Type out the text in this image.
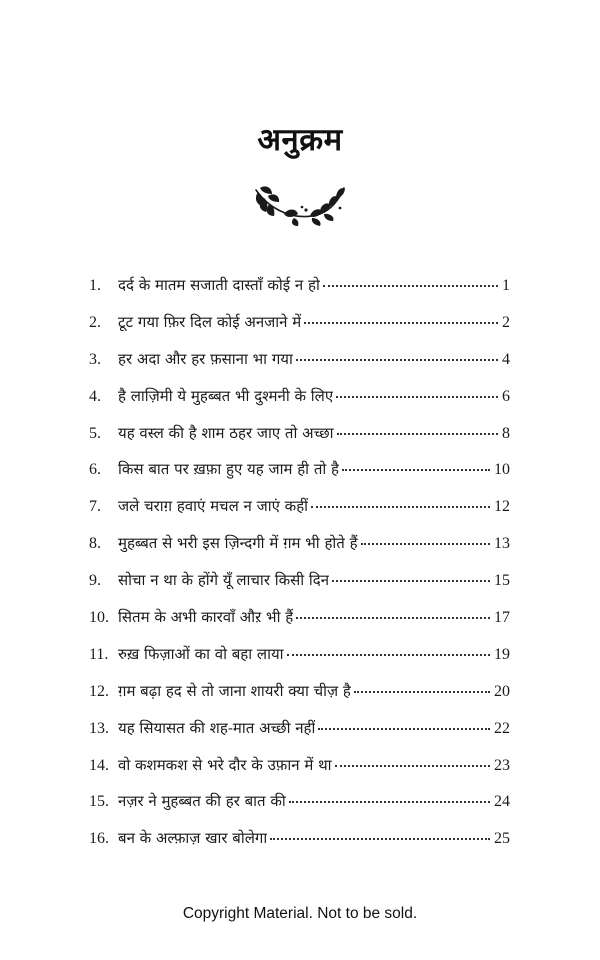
अनुक्रम
1.	दर्द के मातम सजाती दास्ताँ कोई न हो	1
2.	टूट गया फ़िर दिल कोई अनजाने में	2
3.	हर अदा और हर फ़साना भा गया	4
4.	है लाज़िमी ये मुहब्बत भी दुश्मनी के लिए	6
5.	यह वस्ल की है शाम ठहर जाए तो अच्छा	8
6.	किस बात पर ख़फ़ा हुए यह जाम ही तो है	10
7.	जले चराग़ हवाएं मचल न जाएं कहीं	12
8.	मुहब्बत से भरी इस ज़िन्दगी में ग़म भी होते हैं	13
9.	सोचा न था के होंगे यूँ लाचार किसी दिन	15
10. सितम के अभी कारवाँ औऱ भी हैं	17
11. रुख़ फिज़ाओं का वो बहा लाया	19
12. ग़म बढ़ा हद से तो जाना शायरी क्या चीज़ है	20
13. यह सियासत की शह-मात अच्छी नहीं	22
14. वो कशमकश से भरे दौर के उफ़ान में था	23
15. नज़र ने मुहब्बत की हर बात की	24
16. बन के अल्फ़ाज़ खार बोलेगा	25
Copyright Material. Not to be sold.
